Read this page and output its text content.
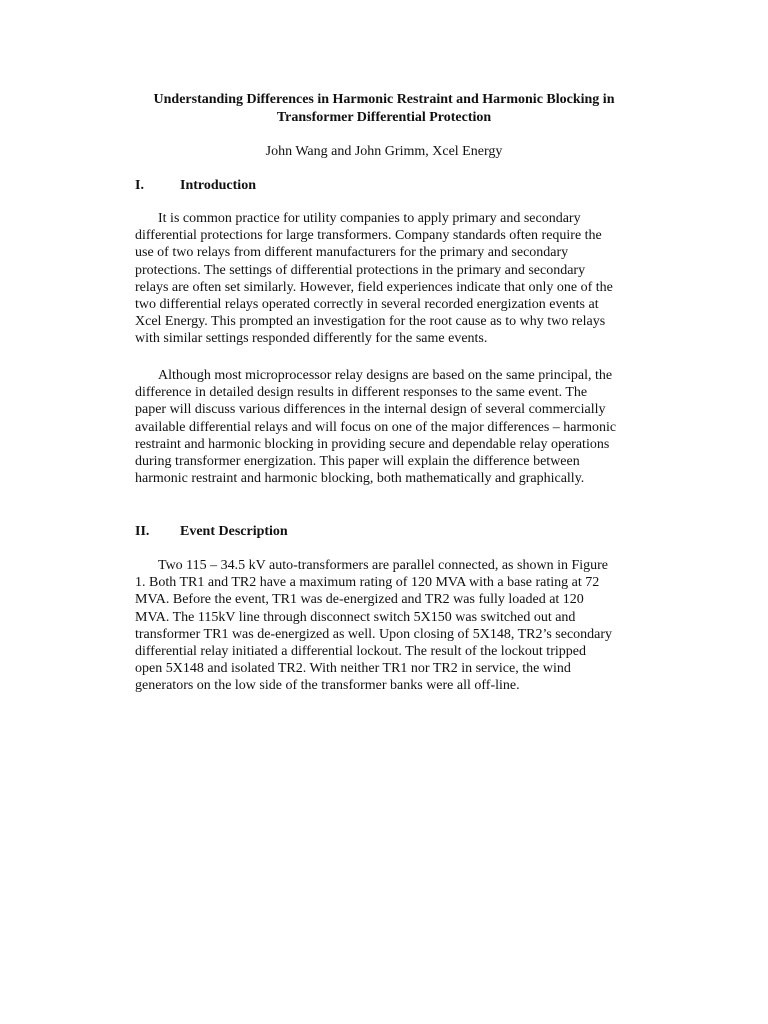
Understanding Differences in Harmonic Restraint and Harmonic Blocking in
Transformer Differential Protection
John Wang and John Grimm, Xcel Energy
I.	Introduction
It is common practice for utility companies to apply primary and secondary
differential protections for large transformers. Company standards often require the
use of two relays from different manufacturers for the primary and secondary
protections. The settings of differential protections in the primary and secondary
relays are often set similarly. However, field experiences indicate that only one of the
two differential relays operated correctly in several recorded energization events at
Xcel Energy. This prompted an investigation for the root cause as to why two relays
with similar settings responded differently for the same events.
Although most microprocessor relay designs are based on the same principal, the
difference in detailed design results in different responses to the same event. The
paper will discuss various differences in the internal design of several commercially
available differential relays and will focus on one of the major differences – harmonic
restraint and harmonic blocking in providing secure and dependable relay operations
during transformer energization. This paper will explain the difference between
harmonic restraint and harmonic blocking, both mathematically and graphically.
II. Event Description
Two 115 – 34.5 kV auto-transformers are parallel connected, as shown in Figure
1. Both TR1 and TR2 have a maximum rating of 120 MVA with a base rating at 72
MVA. Before the event, TR1 was de-energized and TR2 was fully loaded at 120
MVA. The 115kV line through disconnect switch 5X150 was switched out and
transformer TR1 was de-energized as well. Upon closing of 5X148, TR2’s secondary
differential relay initiated a differential lockout. The result of the lockout tripped
open 5X148 and isolated TR2. With neither TR1 nor TR2 in service, the wind
generators on the low side of the transformer banks were all off-line.
